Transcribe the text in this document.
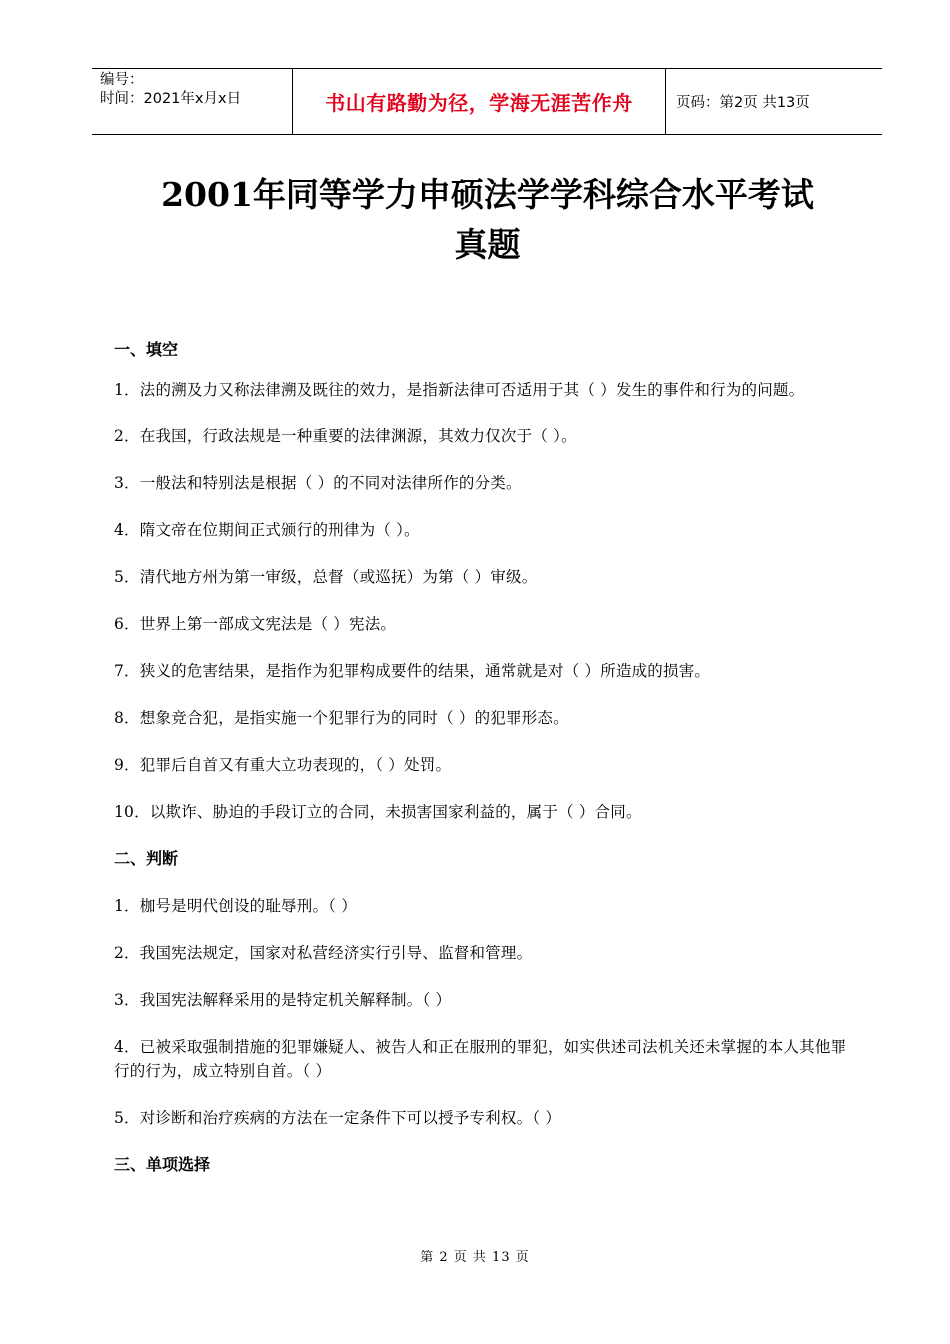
编号：
时间：2021年x月x日	书山有路勤为径，学海无涯苦作舟	页码：第2页 共13页
2001年同等学力申硕法学学科综合水平考试
真题
一、填空

1．法的溯及力又称法律溯及既往的效力，是指新法律可否适用于其（ ）发生的事件和行为的问题。

2．在我国，行政法规是一种重要的法律渊源，其效力仅次于（ ）。

3．一般法和特别法是根据（ ）的不同对法律所作的分类。

4．隋文帝在位期间正式颁行的刑律为（ ）。

5．清代地方州为第一审级，总督（或巡抚）为第（ ）审级。

6．世界上第一部成文宪法是（ ）宪法。

7．狭义的危害结果，是指作为犯罪构成要件的结果，通常就是对（ ）所造成的损害。

8．想象竞合犯，是指实施一个犯罪行为的同时（ ）的犯罪形态。

9．犯罪后自首又有重大立功表现的，（ ）处罚。

10．以欺诈、胁迫的手段订立的合同，未损害国家利益的，属于（ ）合同。

二、判断

1．枷号是明代创设的耻辱刑。（ ）

2．我国宪法规定，国家对私营经济实行引导、监督和管理。

3．我国宪法解释采用的是特定机关解释制。（ ）

4．已被采取强制措施的犯罪嫌疑人、被告人和正在服刑的罪犯，如实供述司法机关还未掌握的本人其他罪 行的行为，成立特别自首。（ ）

5．对诊断和治疗疾病的方法在一定条件下可以授予专利权。（ ）

三、单项选择
第 2 页 共 13 页
